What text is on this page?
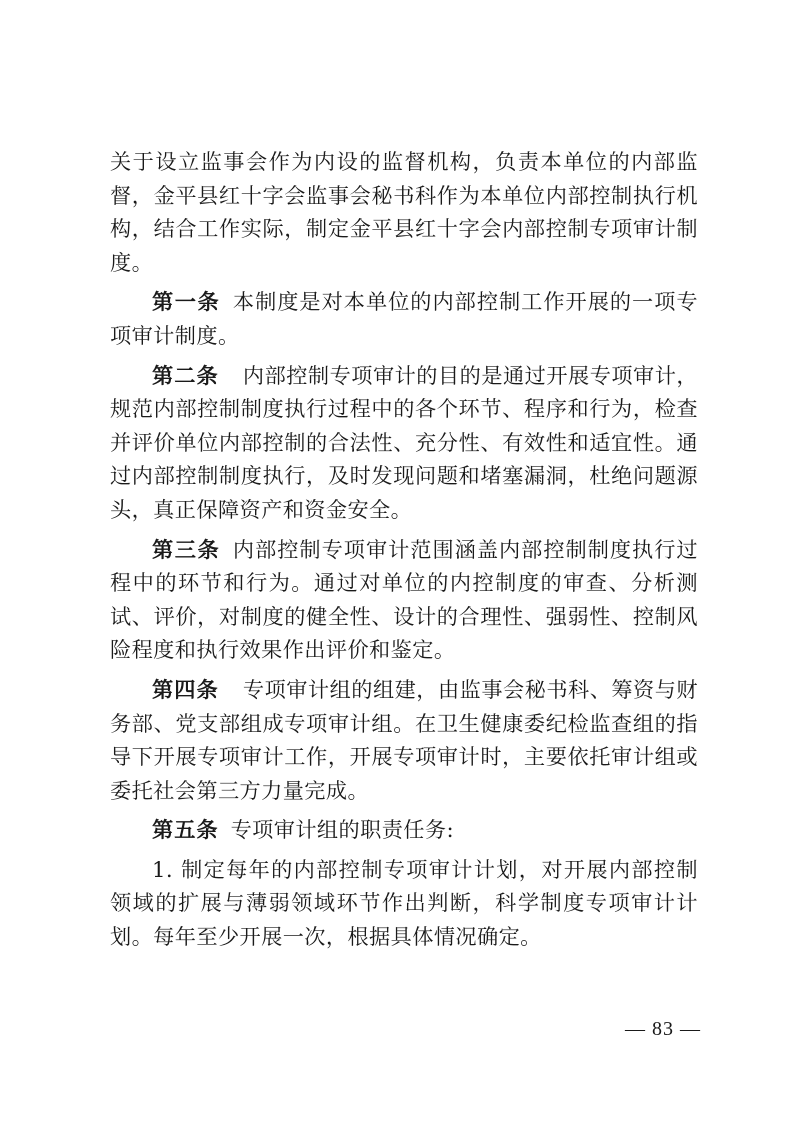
关于设立监事会作为内设的监督机构，负责本单位的内部监督，金平县红十字会监事会秘书科作为本单位内部控制执行机构，结合工作实际，制定金平县红十字会内部控制专项审计制度。

第一条 本制度是对本单位的内部控制工作开展的一项专项审计制度。

第二条 内部控制专项审计的目的是通过开展专项审计，规范内部控制制度执行过程中的各个环节、程序和行为，检查并评价单位内部控制的合法性、充分性、有效性和适宜性。通过内部控制制度执行，及时发现问题和堵塞漏洞，杜绝问题源头，真正保障资产和资金安全。

第三条 内部控制专项审计范围涵盖内部控制制度执行过程中的环节和行为。通过对单位的内控制度的审查、分析测试、评价，对制度的健全性、设计的合理性、强弱性、控制风险程度和执行效果作出评价和鉴定。

第四条 专项审计组的组建，由监事会秘书科、筹资与财务部、党支部组成专项审计组。在卫生健康委纪检监查组的指导下开展专项审计工作，开展专项审计时，主要依托审计组或委托社会第三方力量完成。

第五条 专项审计组的职责任务:

1. 制定每年的内部控制专项审计计划，对开展内部控制领域的扩展与薄弱领域环节作出判断，科学制度专项审计计划。每年至少开展一次，根据具体情况确定。

— 83 —
